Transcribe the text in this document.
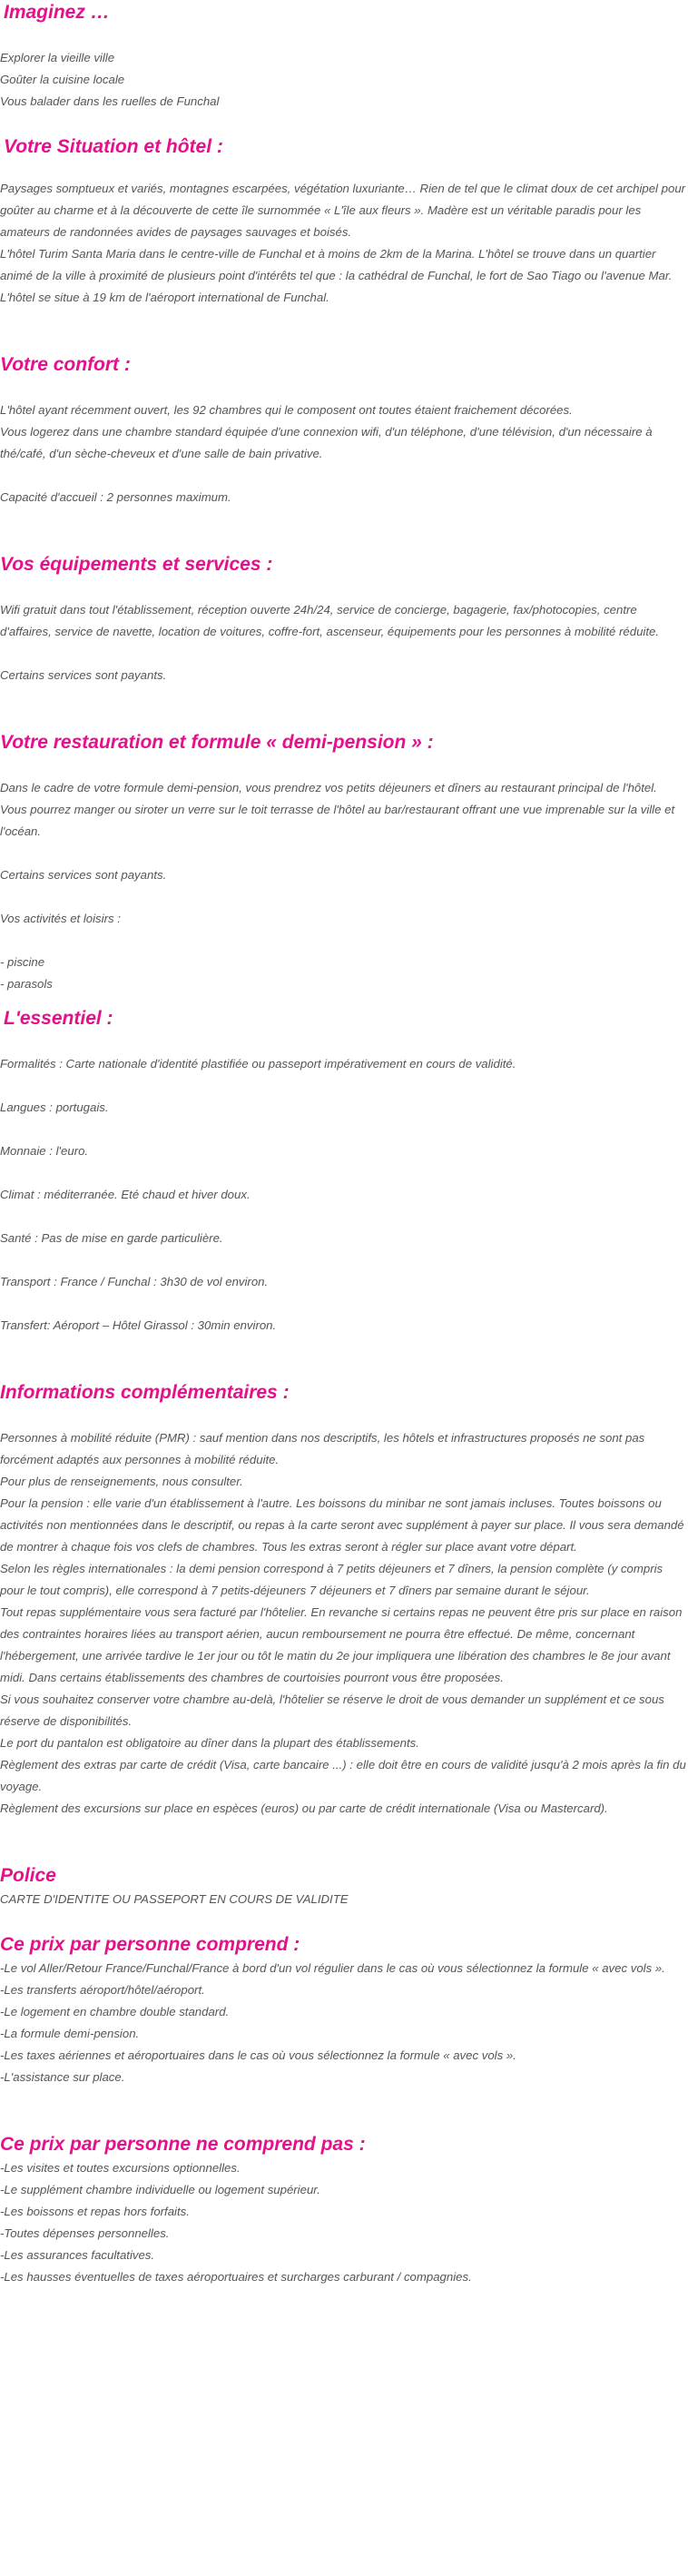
Imaginez …

Explorer la vieille ville

Goûter la cuisine locale

Vous balader dans les ruelles de Funchal

Votre Situation et hôtel :

Paysages somptueux et variés, montagnes escarpées, végétation luxuriante… Rien de tel que le climat doux de cet archipel pour goûter au charme et à la découverte de cette île surnommée « L'île aux fleurs ». Madère est un véritable paradis pour les amateurs de randonnées avides de paysages sauvages et boisés.

L'hôtel Turim Santa Maria dans le centre-ville de Funchal et à moins de 2km de la Marina. L'hôtel se trouve dans un quartier animé de la ville à proximité de plusieurs point d'intérêts tel que : la cathédral de Funchal, le fort de Sao Tiago ou l'avenue Mar.

L'hôtel se situe à 19 km de l'aéroport international de Funchal.

Votre confort :

L'hôtel ayant récemment ouvert, les 92 chambres qui le composent ont toutes étaient fraichement décorées.

Vous logerez dans une chambre standard équipée d'une connexion wifi, d'un téléphone, d'une télévision, d'un nécessaire à thé/café, d'un sèche-cheveux et d'une salle de bain privative.

Capacité d'accueil : 2 personnes maximum.

Vos équipements et services :

Wifi gratuit dans tout l'établissement, réception ouverte 24h/24, service de concierge, bagagerie, fax/photocopies, centre d'affaires, service de navette, location de voitures, coffre-fort, ascenseur, équipements pour les personnes à mobilité réduite.

Certains services sont payants.

Votre restauration et formule « demi-pension » :

Dans le cadre de votre formule demi-pension, vous prendrez vos petits déjeuners et dîners au restaurant principal de l'hôtel.

Vous pourrez manger ou siroter un verre sur le toit terrasse de l'hôtel au bar/restaurant offrant une vue imprenable sur la ville et l'océan.

Certains services sont payants.

Vos activités et loisirs :

- piscine

- parasols

L'essentiel :

Formalités : Carte nationale d'identité plastifiée ou passeport impérativement en cours de validité.

Langues : portugais.

Monnaie : l'euro.

Climat : méditerranée. Eté chaud et hiver doux.

Santé : Pas de mise en garde particulière.

Transport : France / Funchal : 3h30 de vol environ.

Transfert: Aéroport – Hôtel Girassol : 30min environ.

Informations complémentaires :

Personnes à mobilité réduite (PMR) : sauf mention dans nos descriptifs, les hôtels et infrastructures proposés ne sont pas forcément adaptés aux personnes à mobilité réduite.

Pour plus de renseignements, nous consulter.

Pour la pension : elle varie d'un établissement à l'autre. Les boissons du minibar ne sont jamais incluses. Toutes boissons ou activités non mentionnées dans le descriptif, ou repas à la carte seront avec supplément à payer sur place. Il vous sera demandé de montrer à chaque fois vos clefs de chambres. Tous les extras seront à régler sur place avant votre départ.

Selon les règles internationales : la demi pension correspond à 7 petits déjeuners et 7 dîners, la pension complète (y compris pour le tout compris), elle correspond à 7 petits-déjeuners 7 déjeuners et 7 dîners par semaine durant le séjour.

Tout repas supplémentaire vous sera facturé par l'hôtelier. En revanche si certains repas ne peuvent être pris sur place en raison des contraintes horaires liées au transport aérien, aucun remboursement ne pourra être effectué. De même, concernant l'hébergement, une arrivée tardive le 1er jour ou tôt le matin du 2e jour impliquera une libération des chambres le 8e jour avant midi. Dans certains établissements des chambres de courtoisies pourront vous être proposées.

Si vous souhaitez conserver votre chambre au-delà, l'hôtelier se réserve le droit de vous demander un supplément et ce sous réserve de disponibilités.

Le port du pantalon est obligatoire au dîner dans la plupart des établissements.

Règlement des extras par carte de crédit (Visa, carte bancaire ...) : elle doit être en cours de validité jusqu'à 2 mois après la fin du voyage.

Règlement des excursions sur place en espèces (euros) ou par carte de crédit internationale (Visa ou Mastercard).

Police

CARTE D'IDENTITE OU PASSEPORT EN COURS DE VALIDITE

Ce prix par personne comprend :

-Le vol Aller/Retour France/Funchal/France à bord d'un vol régulier dans le cas où vous sélectionnez la formule « avec vols ».

-Les transferts aéroport/hôtel/aéroport.

-Le logement en chambre double standard.

-La formule demi-pension.

-Les taxes aériennes et aéroportuaires dans le cas où vous sélectionnez la formule « avec vols ».

-L'assistance sur place.

Ce prix par personne ne comprend pas :

-Les visites et toutes excursions optionnelles.

-Le supplément chambre individuelle ou logement supérieur.

-Les boissons et repas hors forfaits.

-Toutes dépenses personnelles.

-Les assurances facultatives.

-Les hausses éventuelles de taxes aéroportuaires et surcharges carburant / compagnies.
